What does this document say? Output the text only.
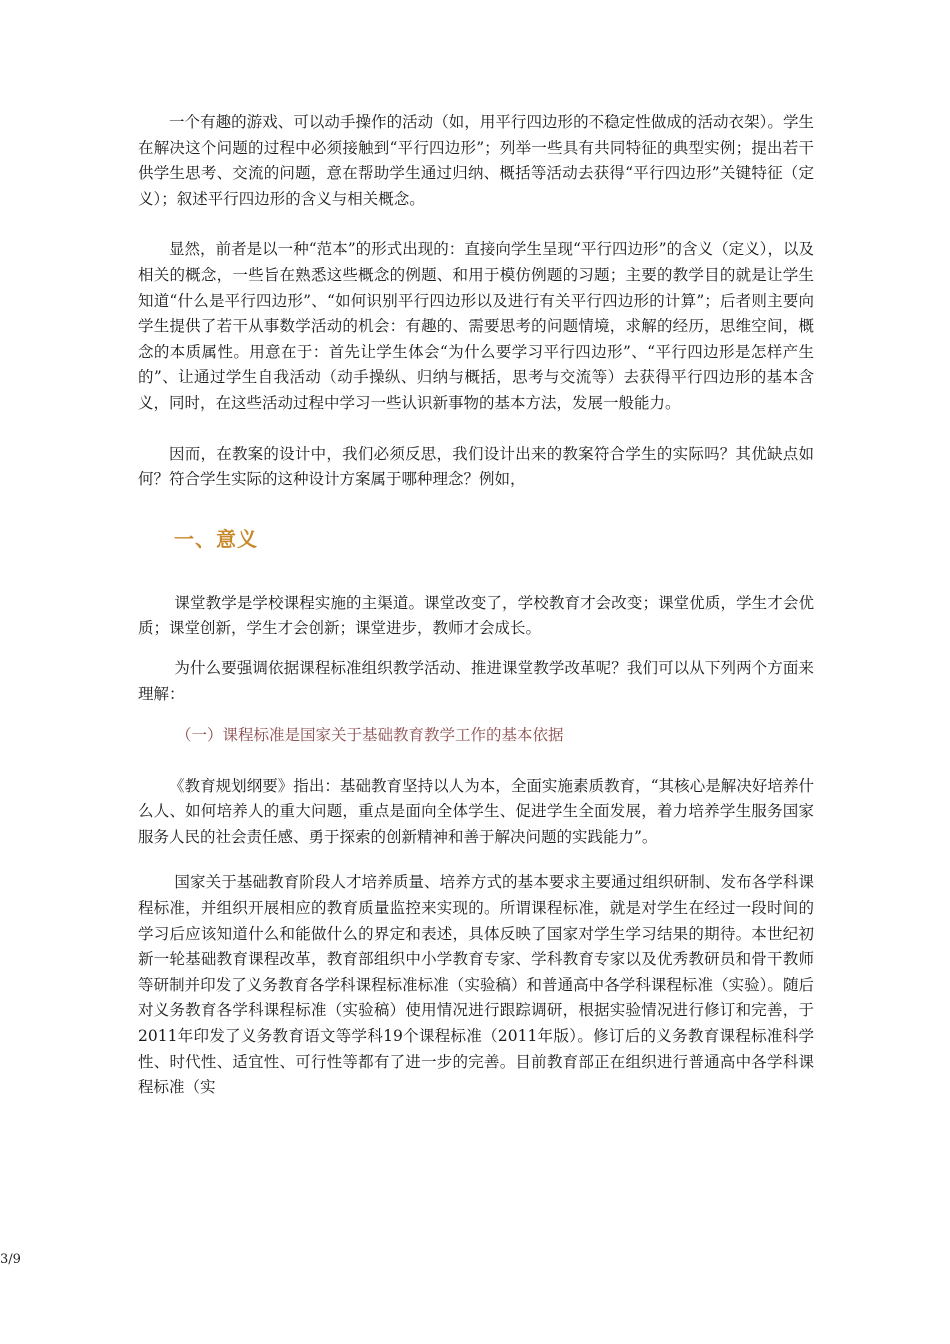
一个有趣的游戏、可以动手操作的活动（如，用平行四边形的不稳定性做成的活动衣架）。学生在解决这个问题的过程中必须接触到“平行四边形”；列举一些具有共同特征的典型实例；提出若干供学生思考、交流的问题，意在帮助学生通过归纳、概括等活动去获得“平行四边形”关键特征（定义）；叙述平行四边形的含义与相关概念。

显然，前者是以一种“范本”的形式出现的：直接向学生呈现“平行四边形”的含义（定义），以及相关的概念，一些旨在熟悉这些概念的例题、和用于模仿例题的习题；主要的教学目的就是让学生知道“什么是平行四边形”、“如何识别平行四边形以及进行有关平行四边形的计算”；后者则主要向学生提供了若干从事数学活动的机会：有趣的、需要思考的问题情境，求解的经历，思维空间，概念的本质属性。用意在于：首先让学生体会“为什么要学习平行四边形”、“平行四边形是怎样产生的”、让通过学生自我活动（动手操纵、归纳与概括，思考与交流等）去获得平行四边形的基本含义，同时，在这些活动过程中学习一些认识新事物的基本方法，发展一般能力。

因而，在教案的设计中，我们必须反思，我们设计出来的教案符合学生的实际吗？其优缺点如何？符合学生实际的这种设计方案属于哪种理念？例如，

一、意义

课堂教学是学校课程实施的主渠道。课堂改变了，学校教育才会改变；课堂优质，学生才会优质；课堂创新，学生才会创新；课堂进步，教师才会成长。

为什么要强调依据课程标准组织教学活动、推进课堂教学改革呢？我们可以从下列两个方面来理解：

（一）课程标准是国家关于基础教育教学工作的基本依据

《教育规划纲要》指出：基础教育坚持以人为本，全面实施素质教育，“其核心是解决好培养什么人、如何培养人的重大问题，重点是面向全体学生、促进学生全面发展，着力培养学生服务国家服务人民的社会责任感、勇于探索的创新精神和善于解决问题的实践能力”。

国家关于基础教育阶段人才培养质量、培养方式的基本要求主要通过组织研制、发布各学科课程标准，并组织开展相应的教育质量监控来实现的。所谓课程标准，就是对学生在经过一段时间的学习后应该知道什么和能做什么的界定和表述，具体反映了国家对学生学习结果的期待。本世纪初新一轮基础教育课程改革，教育部组织中小学教育专家、学科教育专家以及优秀教研员和骨干教师等研制并印发了义务教育各学科课程标准标准（实验稿）和普通高中各学科课程标准（实验）。随后对义务教育各学科课程标准（实验稿）使用情况进行跟踪调研，根据实验情况进行修订和完善，于2011年印发了义务教育语文等学科19个课程标准（2011年版）。修订后的义务教育课程标准科学性、时代性、适宜性、可行性等都有了进一步的完善。目前教育部正在组织进行普通高中各学科课程标准（实

3/9
